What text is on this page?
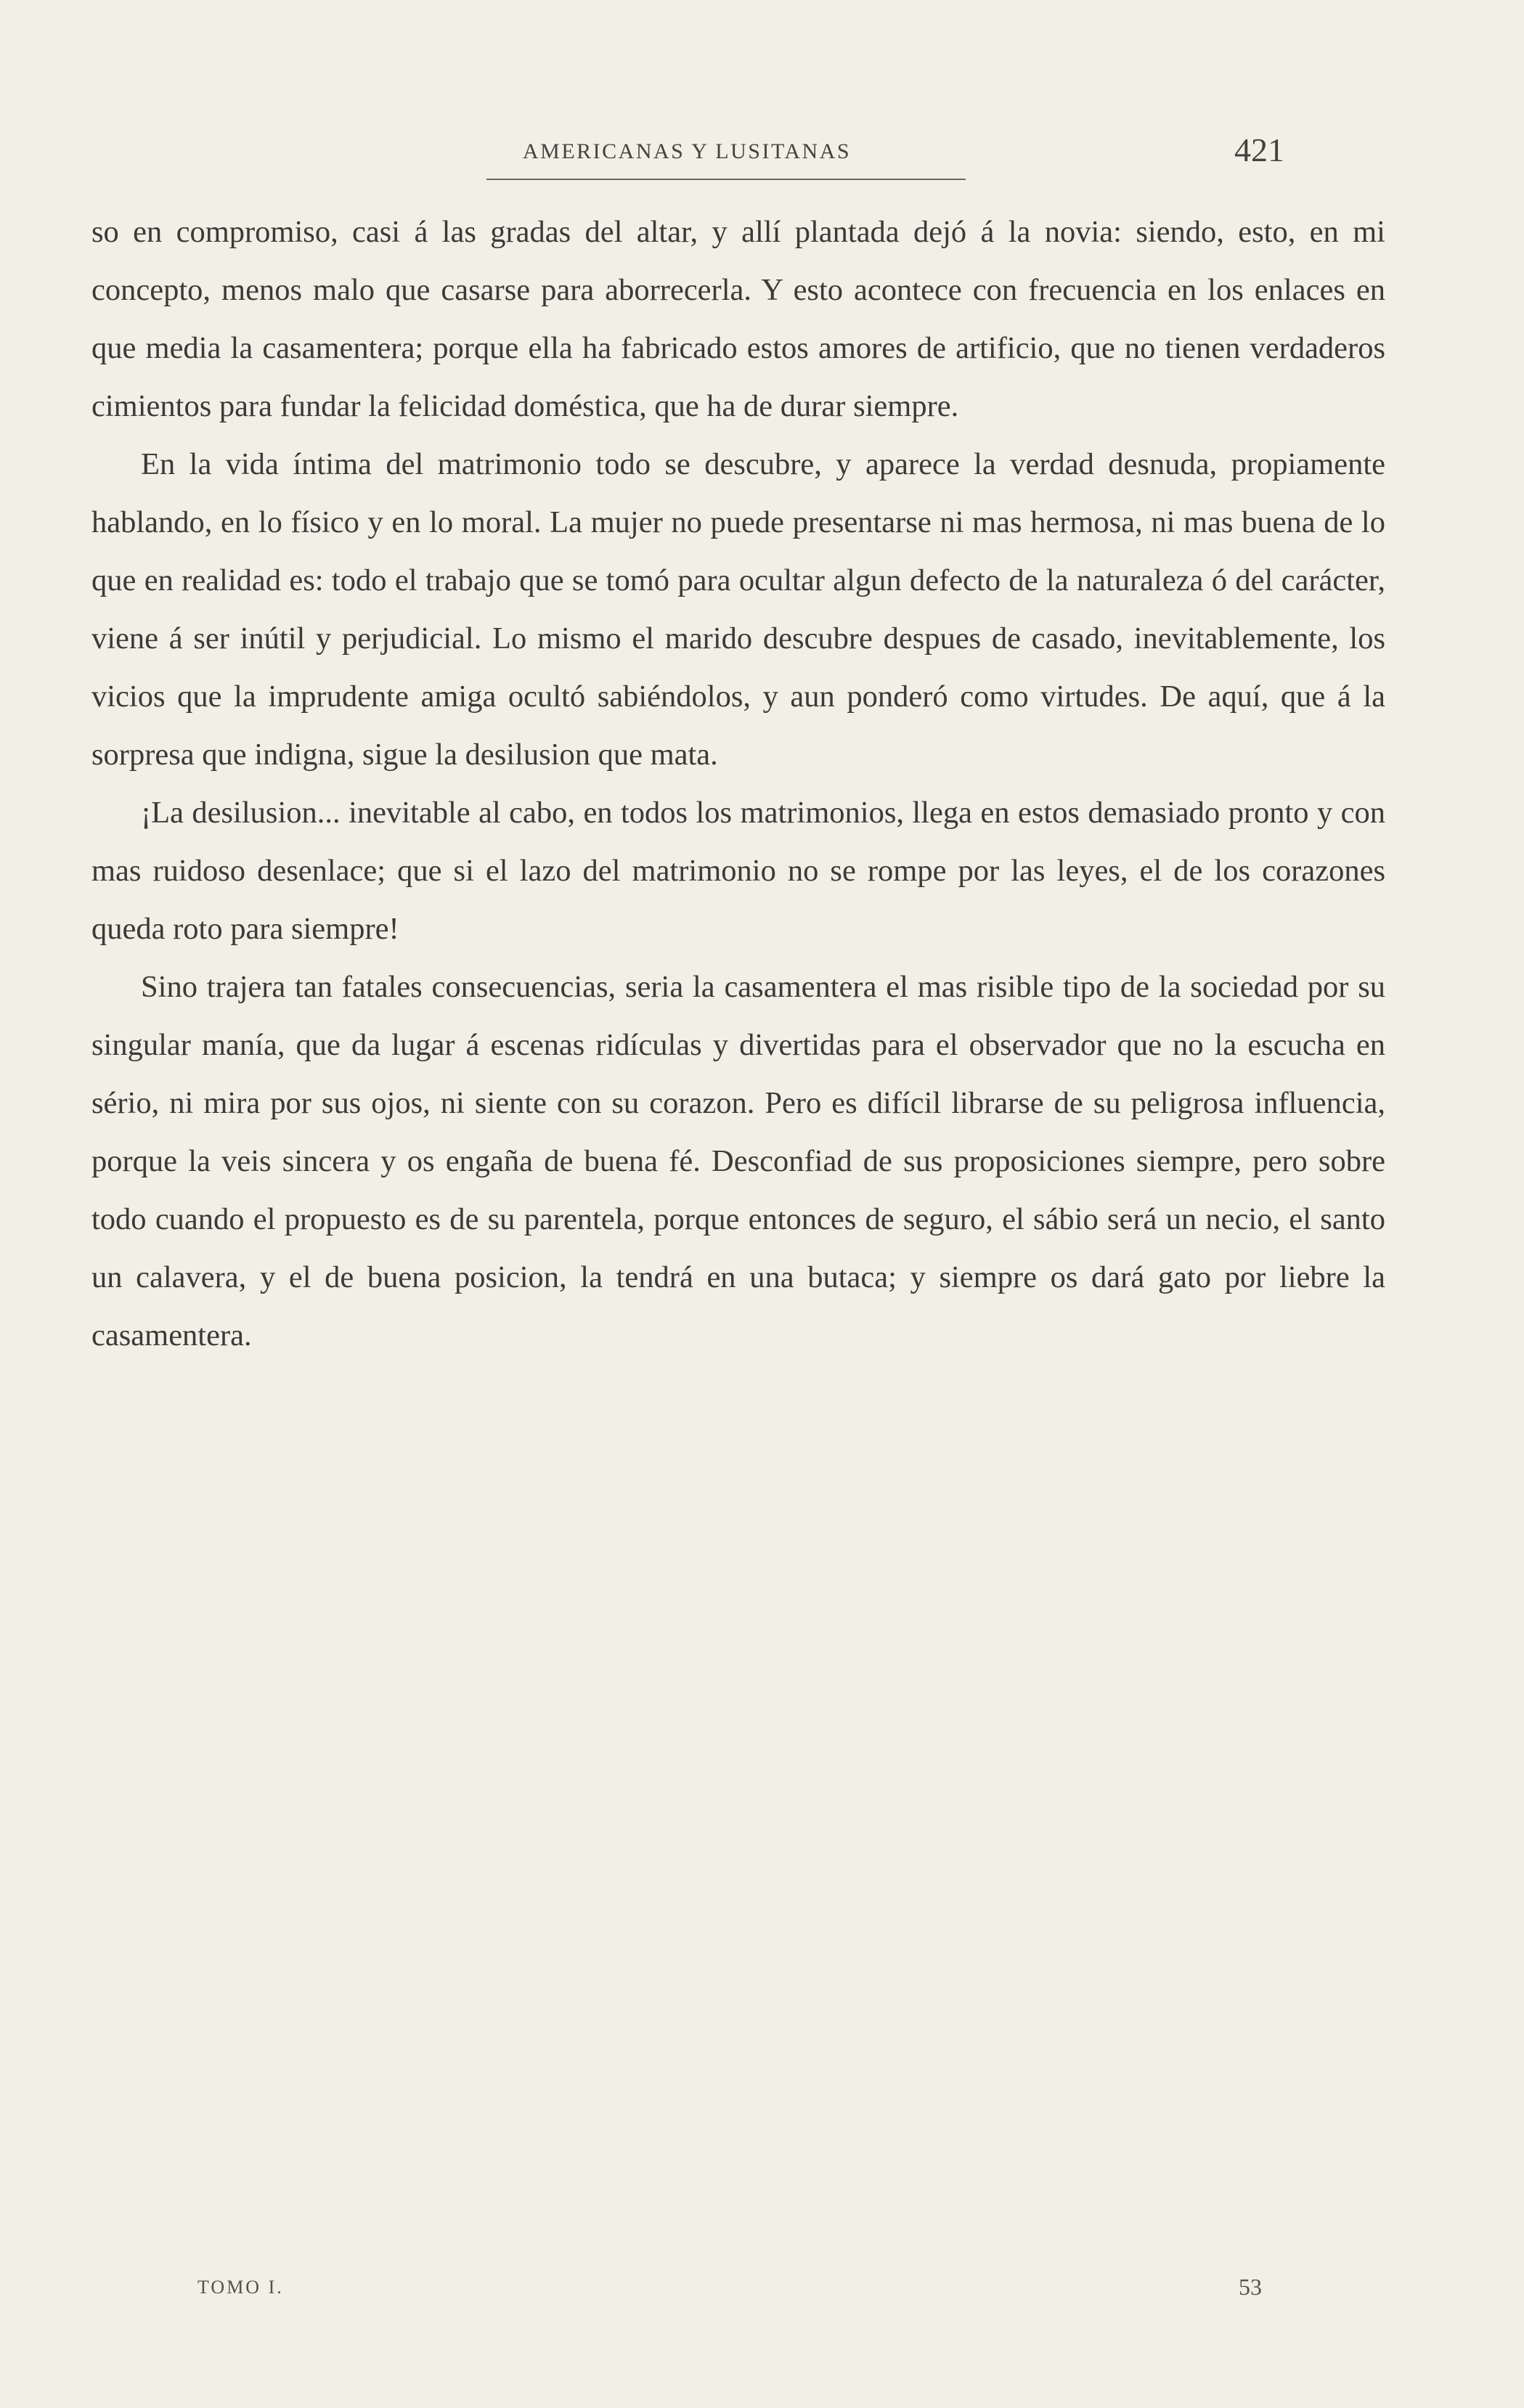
AMERICANAS Y LUSITANAS	421

so en compromiso, casi á las gradas del altar, y allí plantada dejó á la novia: siendo, esto, en mi concepto, menos malo que casarse para aborrecerla. Y esto acontece con frecuencia en los enlaces en que media la casamentera; porque ella ha fabricado estos amores de artificio, que no tienen verdaderos cimientos para fundar la felicidad doméstica, que ha de durar siempre.

En la vida íntima del matrimonio todo se descubre, y aparece la verdad desnuda, propiamente hablando, en lo físico y en lo moral. La mujer no puede presentarse ni mas hermosa, ni mas buena de lo que en realidad es: todo el trabajo que se tomó para ocultar algun defecto de la naturaleza ó del carácter, viene á ser inútil y perjudicial. Lo mismo el marido descubre despues de casado, inevitablemente, los vicios que la imprudente amiga ocultó sabiéndolos, y aun ponderó como virtudes. De aquí, que á la sorpresa que indigna, sigue la desilusion que mata.

¡La desilusion... inevitable al cabo, en todos los matrimonios, llega en estos demasiado pronto y con mas ruidoso desenlace; que si el lazo del matrimonio no se rompe por las leyes, el de los corazones queda roto para siempre!

Sino trajera tan fatales consecuencias, seria la casamentera el mas risible tipo de la sociedad por su singular manía, que da lugar á escenas ridículas y divertidas para el observador que no la escucha en sério, ni mira por sus ojos, ni siente con su corazon. Pero es difícil librarse de su peligrosa influencia, porque la veis sincera y os engaña de buena fé. Desconfiad de sus proposiciones siempre, pero sobre todo cuando el propuesto es de su parentela, porque entonces de seguro, el sábio será un necio, el santo un calavera, y el de buena posicion, la tendrá en una butaca; y siempre os dará gato por liebre la casamentera.

TOMO I.	53
